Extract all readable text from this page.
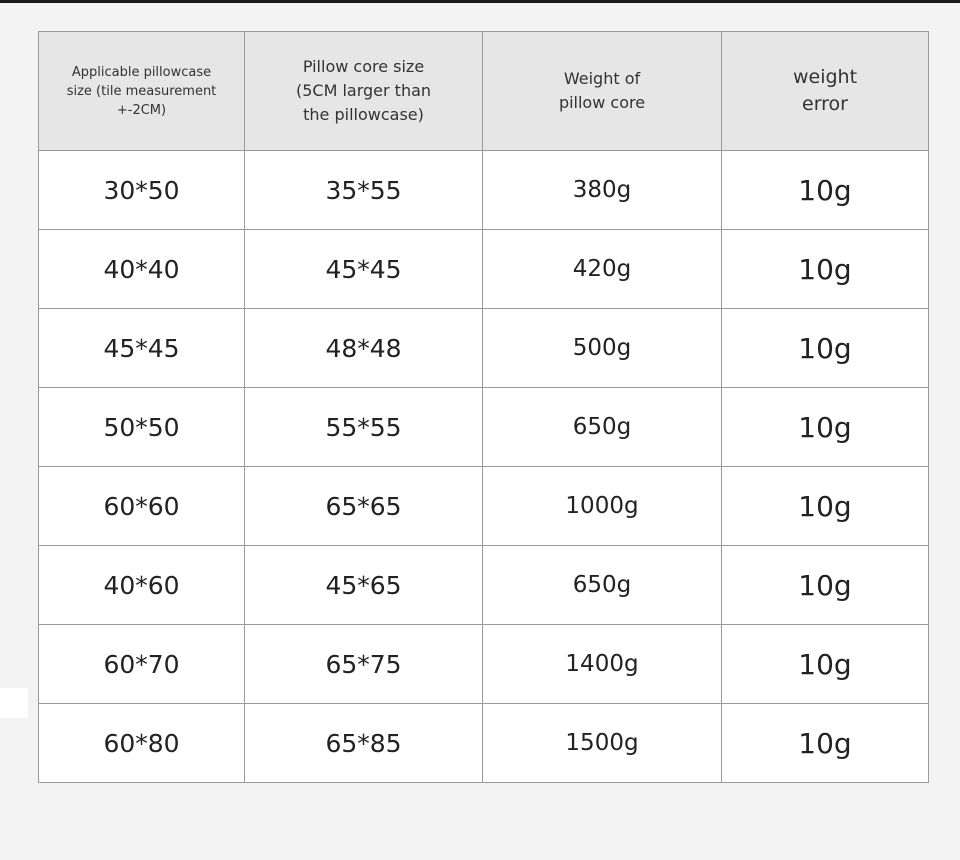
Applicable pillowcase
size (tile measurement
+-2CM)	Pillow core size
(5CM larger than
the pillowcase)	Weight of
pillow core	weight
error
30*50	35*55	380g	10g
40*40	45*45	420g	10g
45*45	48*48	500g	10g
50*50	55*55	650g	10g
60*60	65*65	1000g	10g
40*60	45*65	650g	10g
60*70	65*75	1400g	10g
60*80	65*85	1500g	10g
